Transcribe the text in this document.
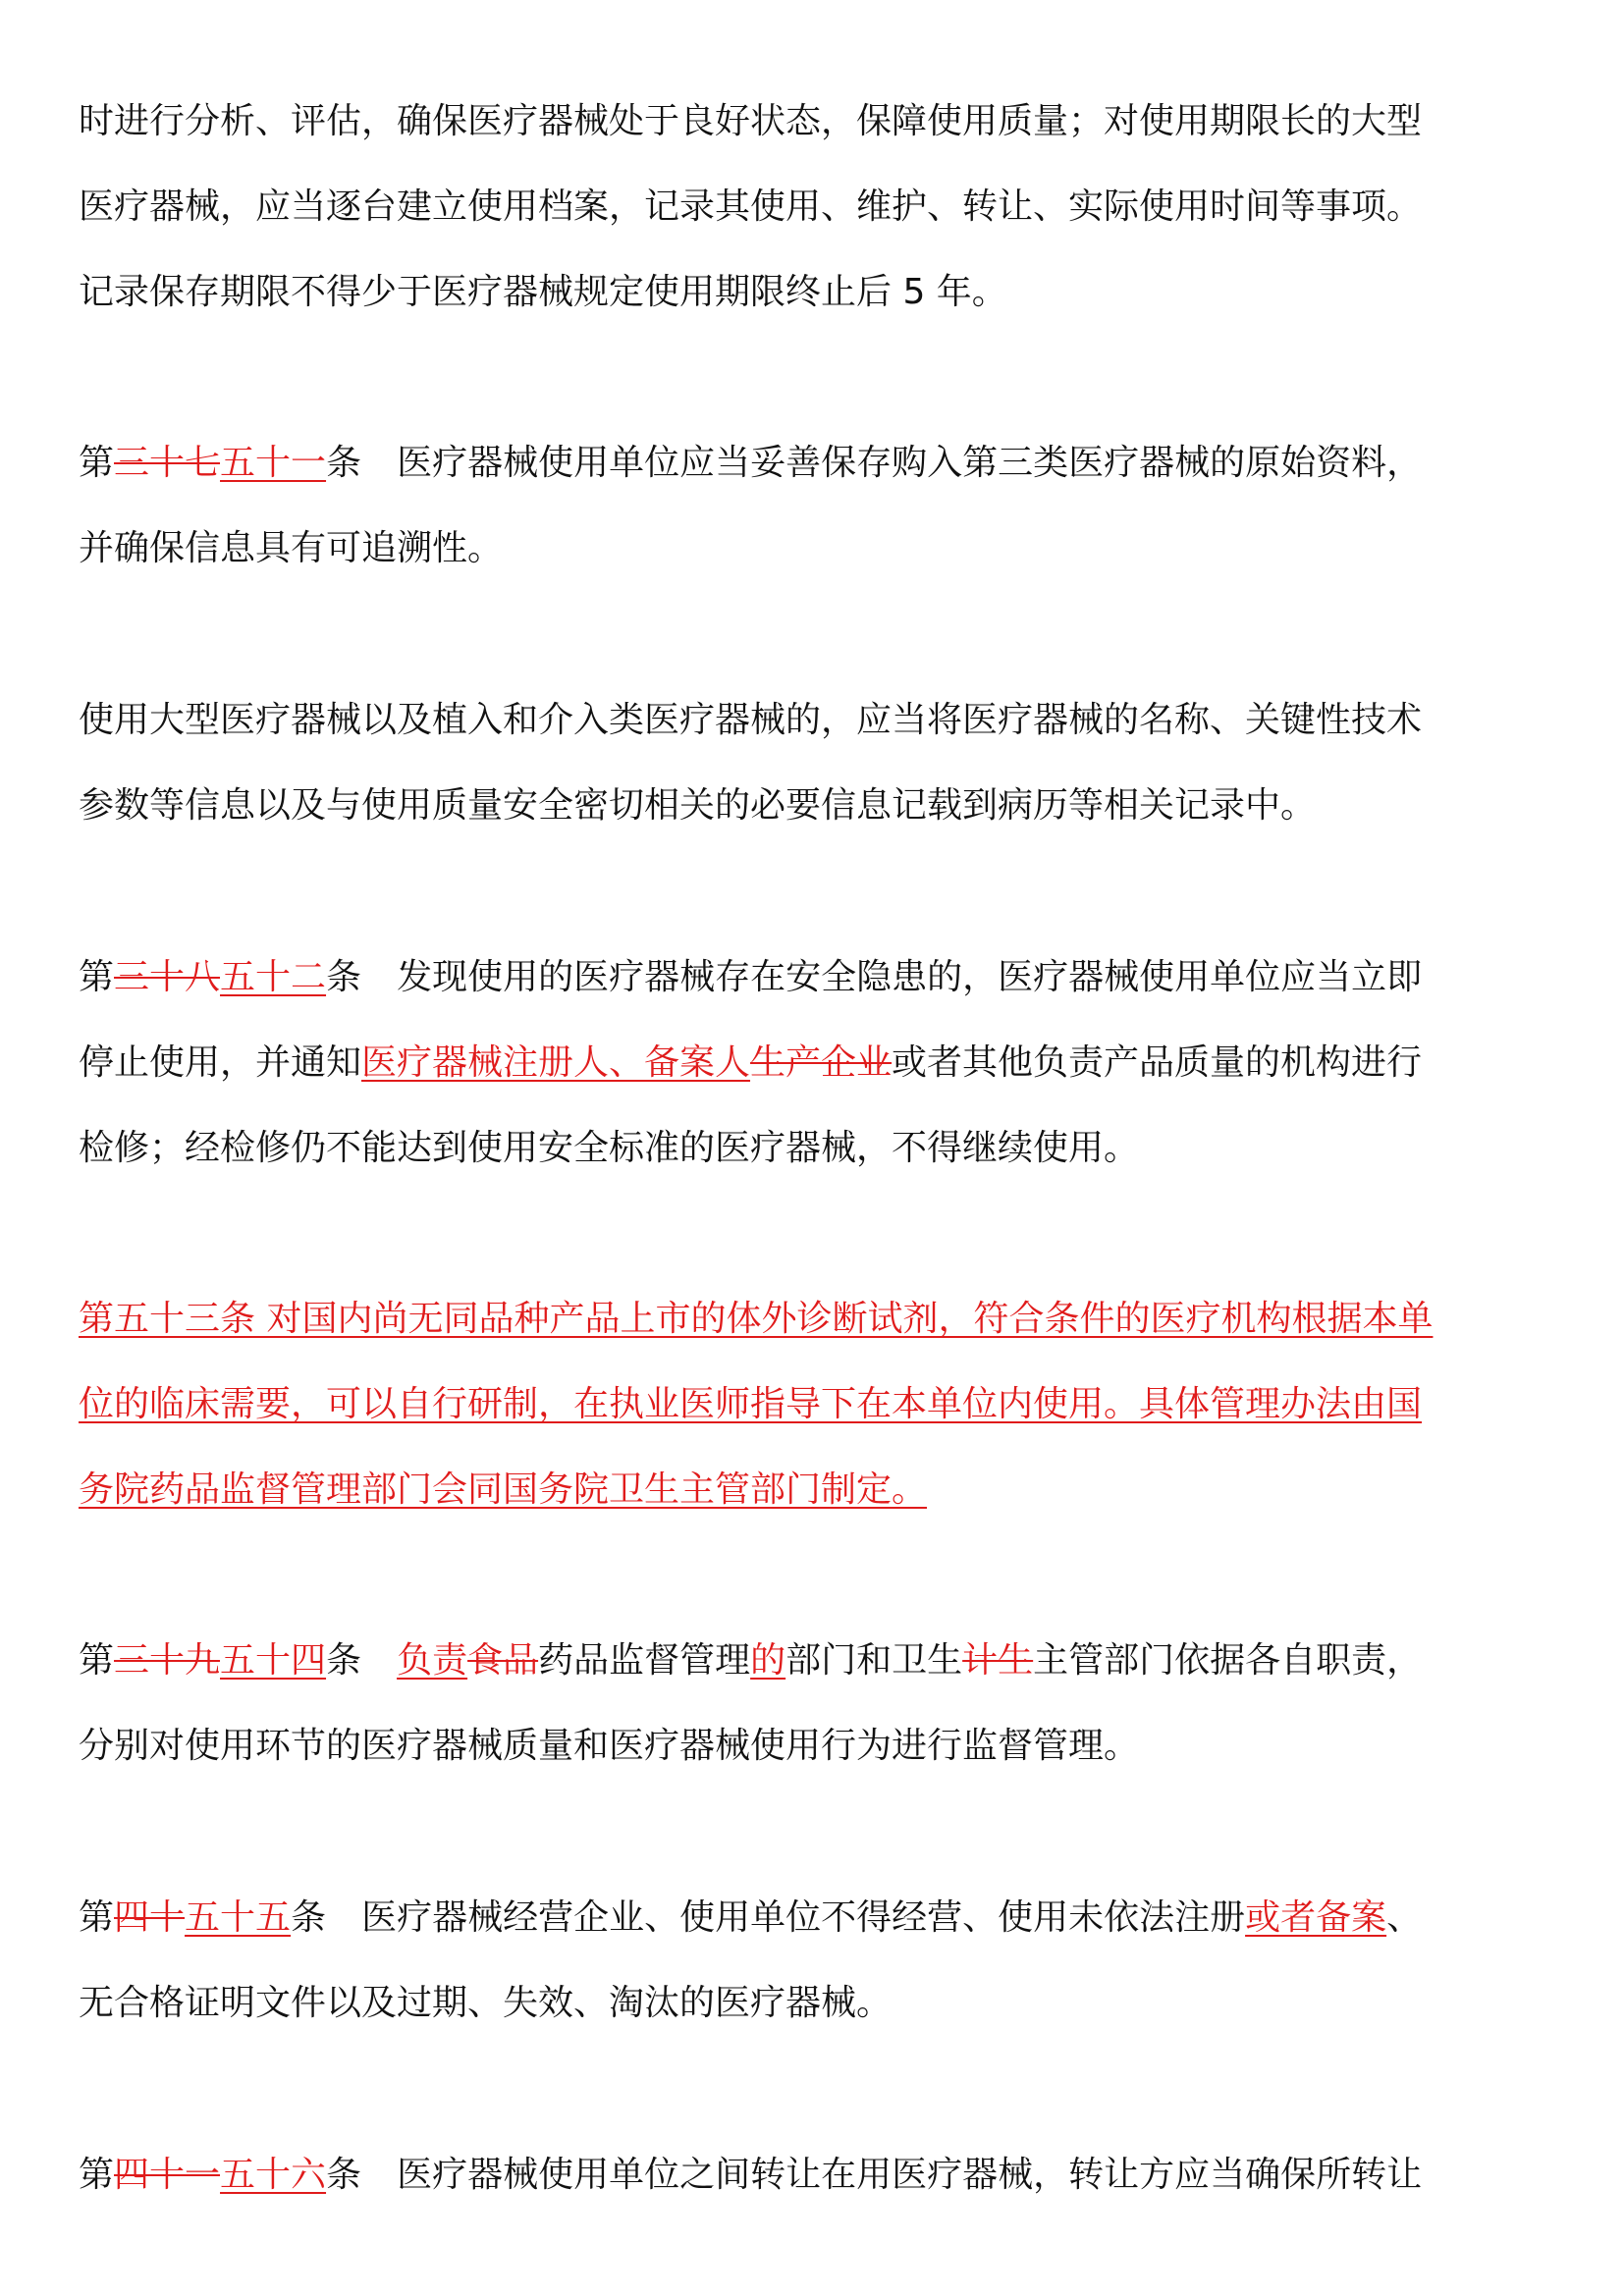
时进行分析、评估，确保医疗器械处于良好状态，保障使用质量；对使用期限长的大型
医疗器械，应当逐台建立使用档案，记录其使用、维护、转让、实际使用时间等事项。
记录保存期限不得少于医疗器械规定使用期限终止后 5 年。
第三十七五十一条 医疗器械使用单位应当妥善保存购入第三类医疗器械的原始资料，
并确保信息具有可追溯性。
使用大型医疗器械以及植入和介入类医疗器械的，应当将医疗器械的名称、关键性技术
参数等信息以及与使用质量安全密切相关的必要信息记载到病历等相关记录中。
第三十八五十二条 发现使用的医疗器械存在安全隐患的，医疗器械使用单位应当立即
停止使用，并通知医疗器械注册人、备案人生产企业或者其他负责产品质量的机构进行
检修；经检修仍不能达到使用安全标准的医疗器械，不得继续使用。
第五十三条 对国内尚无同品种产品上市的体外诊断试剂，符合条件的医疗机构根据本单
位的临床需要，可以自行研制，在执业医师指导下在本单位内使用。具体管理办法由国
务院药品监督管理部门会同国务院卫生主管部门制定。
第三十九五十四条 负责食品药品监督管理的部门和卫生计生主管部门依据各自职责，
分别对使用环节的医疗器械质量和医疗器械使用行为进行监督管理。
第四十五十五条 医疗器械经营企业、使用单位不得经营、使用未依法注册或者备案、
无合格证明文件以及过期、失效、淘汰的医疗器械。
第四十一五十六条 医疗器械使用单位之间转让在用医疗器械，转让方应当确保所转让
